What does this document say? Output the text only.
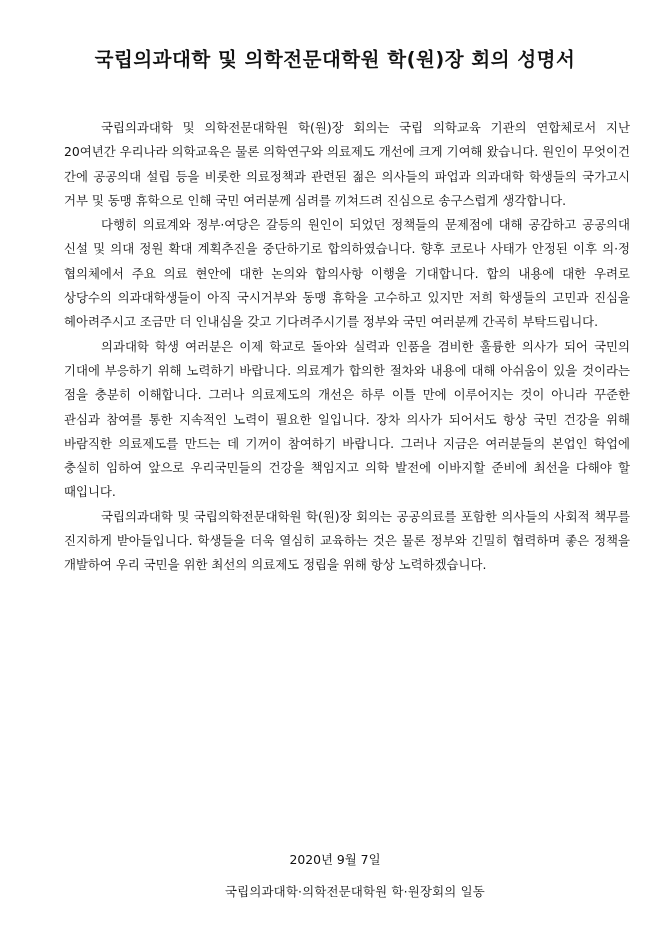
국립의과대학 및 의학전문대학원 학(원)장 회의 성명서

국립의과대학 및 의학전문대학원 학(원)장 회의는 국립 의학교육 기관의 연합체로서 지난 20여년간 우리나라 의학교육은 물론 의학연구와 의료제도 개선에 크게 기여해 왔습니다. 원인이 무엇이건 간에 공공의대 설립 등을 비롯한 의료정책과 관련된 젊은 의사들의 파업과 의과대학 학생들의 국가고시 거부 및 동맹 휴학으로 인해 국민 여러분께 심려를 끼쳐드려 진심으로 송구스럽게 생각합니다.

다행히 의료계와 정부·여당은 갈등의 원인이 되었던 정책들의 문제점에 대해 공감하고 공공의대 신설 및 의대 정원 확대 계획추진을 중단하기로 합의하였습니다. 향후 코로나 사태가 안정된 이후 의·정 협의체에서 주요 의료 현안에 대한 논의와 합의사항 이행을 기대합니다. 합의 내용에 대한 우려로 상당수의 의과대학생들이 아직 국시거부와 동맹 휴학을 고수하고 있지만 저희 학생들의 고민과 진심을 헤아려주시고 조금만 더 인내심을 갖고 기다려주시기를 정부와 국민 여러분께 간곡히 부탁드립니다.

의과대학 학생 여러분은 이제 학교로 돌아와 실력과 인품을 겸비한 훌륭한 의사가 되어 국민의 기대에 부응하기 위해 노력하기 바랍니다. 의료계가 합의한 절차와 내용에 대해 아쉬움이 있을 것이라는 점을 충분히 이해합니다. 그러나 의료제도의 개선은 하루 이틀 만에 이루어지는 것이 아니라 꾸준한 관심과 참여를 통한 지속적인 노력이 필요한 일입니다. 장차 의사가 되어서도 항상 국민 건강을 위해 바람직한 의료제도를 만드는 데 기꺼이 참여하기 바랍니다. 그러나 지금은 여러분들의 본업인 학업에 충실히 임하여 앞으로 우리국민들의 건강을 책임지고 의학 발전에 이바지할 준비에 최선을 다해야 할 때입니다.

국립의과대학 및 국립의학전문대학원 학(원)장 회의는 공공의료를 포함한 의사들의 사회적 책무를 진지하게 받아들입니다. 학생들을 더욱 열심히 교육하는 것은 물론 정부와 긴밀히 협력하며 좋은 정책을 개발하여 우리 국민을 위한 최선의 의료제도 정립을 위해 항상 노력하겠습니다.

2020년 9월 7일
국립의과대학·의학전문대학원 학·원장회의 일동
